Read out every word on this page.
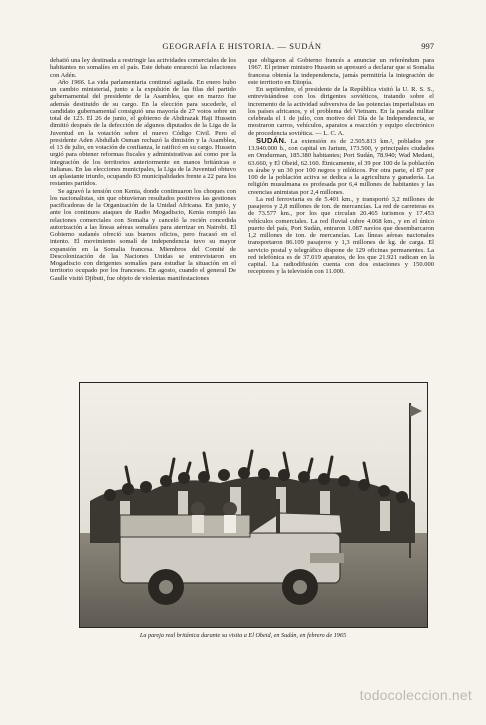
GEOGRAFÍA E HISTORIA. — SUDÁN	997

debatió una ley destinada a restringir las actividades comerciales de los habitantes no somalíes en el país. Este debate enrareció las relaciones con Adén.

Año 1966. La vida parlamentaria continuó agitada. En enero hubo un cambio ministerial, junto a la expulsión de las filas del partido gubernamental del presidente de la Asamblea, que en marzo fue además destituido de su cargo. En la elección para sucederle, el candidato gubernamental consiguió una mayoría de 27 votos sobre un total de 123. El 26 de junio, el gobierno de Abdirazak Haji Hussein dimitió después de la defección de algunos diputados de la Liga de la Juventud en la votación sobre el nuevo Código Civil. Pero el presidente Aden Abdullah Osman rechazó la dimisión y la Asamblea, el 13 de julio, en votación de confianza, le ratificó en su cargo. Hussein urgió para obtener reformas fiscales y administrativas así como por la integración de los territorios anteriormente en manos británicas e italianas. En las elecciones municipales, la Liga de la Juventud obtuvo un aplastante triunfo, ocupando 83 municipalidades frente a 22 para los restantes partidos.

Se agravó la tensión con Kenia, donde continuaron los choques con los nacionalistas, sin que obtuvieran resultados positivos las gestiones pacificadoras de la Organización de la Unidad Africana. En junio, y ante los continuos ataques de Radio Mogadiscio, Kenia rompió las relaciones comerciales con Somalia y canceló la recién concedida autorización a las líneas aéreas somalíes para aterrizar en Nairobi. El Gobierno sudanés ofreció sus buenos oficios, pero fracasó en el intento. El movimiento somalí de independencia tuvo su mayor expansión en la Somalia francesa. Miembros del Comité de Descolonización de las Naciones Unidas se entrevistaron en Mogadiscio con dirigentes somalíes para estudiar la situación en el territorio ocupado por los franceses. En agosto, cuando el general De Gaulle visitó Djibuti, fue objeto de violentas manifestaciones

que obligaron al Gobierno francés a anunciar un referéndum para 1967. El primer ministro Hussein se apresuró a declarar que si Somalia francesa obtenía la independencia, jamás permitiría la integración de este territorio en Etiopía.

En septiembre, el presidente de la República visitó la U. R. S. S., entrevistándose con los dirigentes soviéticos, tratando sobre el incremento de la actividad subversiva de las potencias imperialistas en los países africanos, y el problema del Vietnam. En la parada militar celebrada el 1 de julio, con motivo del Día de la Independencia, se mostraron carros, vehículos, aparatos a reacción y equipo electrónico de procedencia soviética. — L. C. A.

SUDÁN. La extensión es de 2.505.813 km.², poblados por 13.940.000 h., con capital en Jartum, 173.500, y principales ciudades en Omdurman, 185.380 habitantes; Port Sudán, 78.940; Wad Medani, 63.660, y El Obeid, 62.160. Étnicamente, el 39 por 100 de la población es árabe y un 30 por 100 negros y nilóticos. Por otra parte, el 87 por 100 de la población activa se dedica a la agricultura y ganadería. La religión musulmana es profesada por 6,4 millones de habitantes y las creencias animistas por 2,4 millones.

La red ferroviaria es de 5.401 km., y transportó 3,2 millones de pasajeros y 2,8 millones de ton. de mercancías. La red de carreteras es de 73.577 km., por los que circulan 20.465 turismos y 17.453 vehículos comerciales. La red fluvial cubre 4.068 km., y en el único puerto del país, Port Sudán, entraron 1.087 navíos que desembarcaron 1,2 millones de ton. de mercancías. Las líneas aéreas nacionales transportaron 86.109 pasajeros y 1,3 millones de kg. de carga. El servicio postal y telegráfico dispone de 129 oficinas permanentes. La red telefónica es de 37.019 aparatos, de los que 21.921 radican en la capital. La radiodifusión cuenta con dos estaciones y 150.000 receptores y la televisión con 11.000.

La pareja real británica durante su visita a El Obeid, en Sudán, en febrero de 1965
todocoleccion.net
